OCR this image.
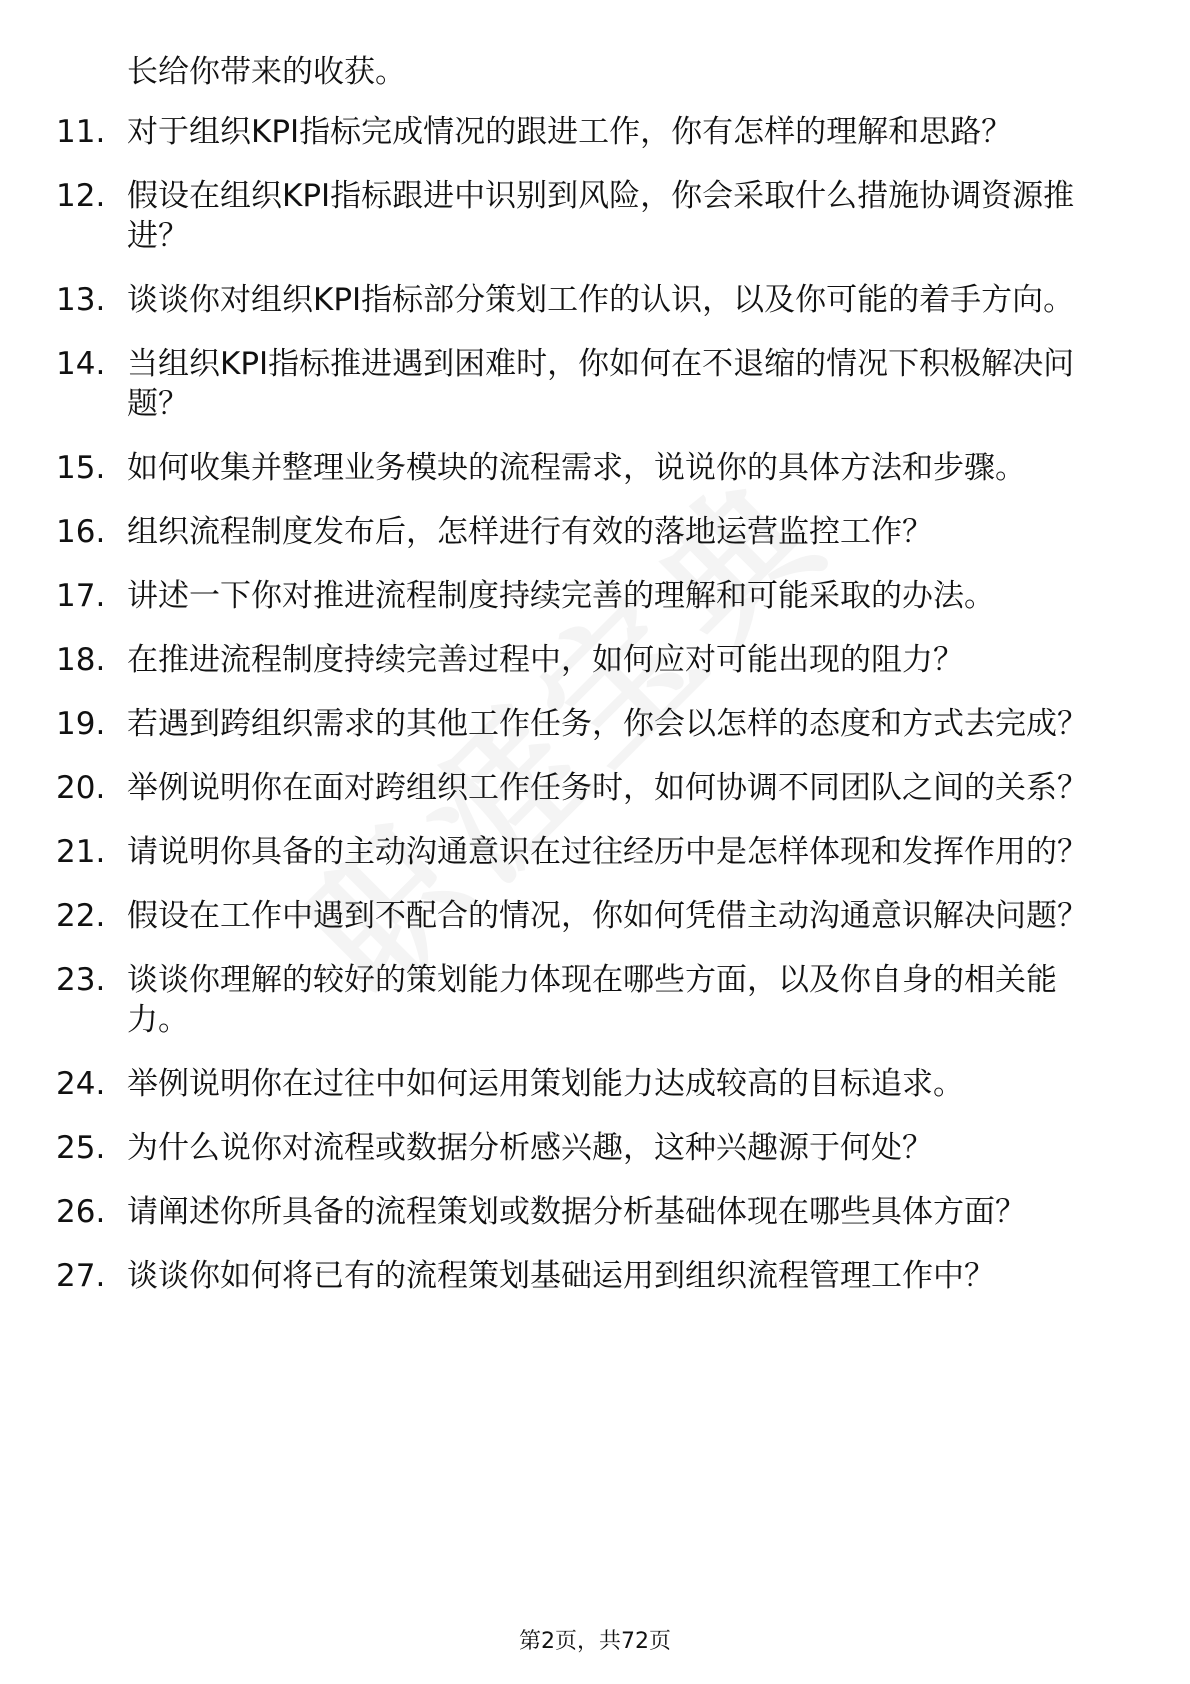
长给你带来的收获。

11. 对于组织KPI指标完成情况的跟进工作，你有怎样的理解和思路？
12. 假设在组织KPI指标跟进中识别到风险，你会采取什么措施协调资源推进？
13. 谈谈你对组织KPI指标部分策划工作的认识，以及你可能的着手方向。
14. 当组织KPI指标推进遇到困难时，你如何在不退缩的情况下积极解决问题？
15. 如何收集并整理业务模块的流程需求，说说你的具体方法和步骤。
16. 组织流程制度发布后，怎样进行有效的落地运营监控工作？
17. 讲述一下你对推进流程制度持续完善的理解和可能采取的办法。
18. 在推进流程制度持续完善过程中，如何应对可能出现的阻力？
19. 若遇到跨组织需求的其他工作任务，你会以怎样的态度和方式去完成？
20. 举例说明你在面对跨组织工作任务时，如何协调不同团队之间的关系？
21. 请说明你具备的主动沟通意识在过往经历中是怎样体现和发挥作用的？
22. 假设在工作中遇到不配合的情况，你如何凭借主动沟通意识解决问题？
23. 谈谈你理解的较好的策划能力体现在哪些方面，以及你自身的相关能力。
24. 举例说明你在过往中如何运用策划能力达成较高的目标追求。
25. 为什么说你对流程或数据分析感兴趣，这种兴趣源于何处？
26. 请阐述你所具备的流程策划或数据分析基础体现在哪些具体方面？
27. 谈谈你如何将已有的流程策划基础运用到组织流程管理工作中？
第2页，共72页
